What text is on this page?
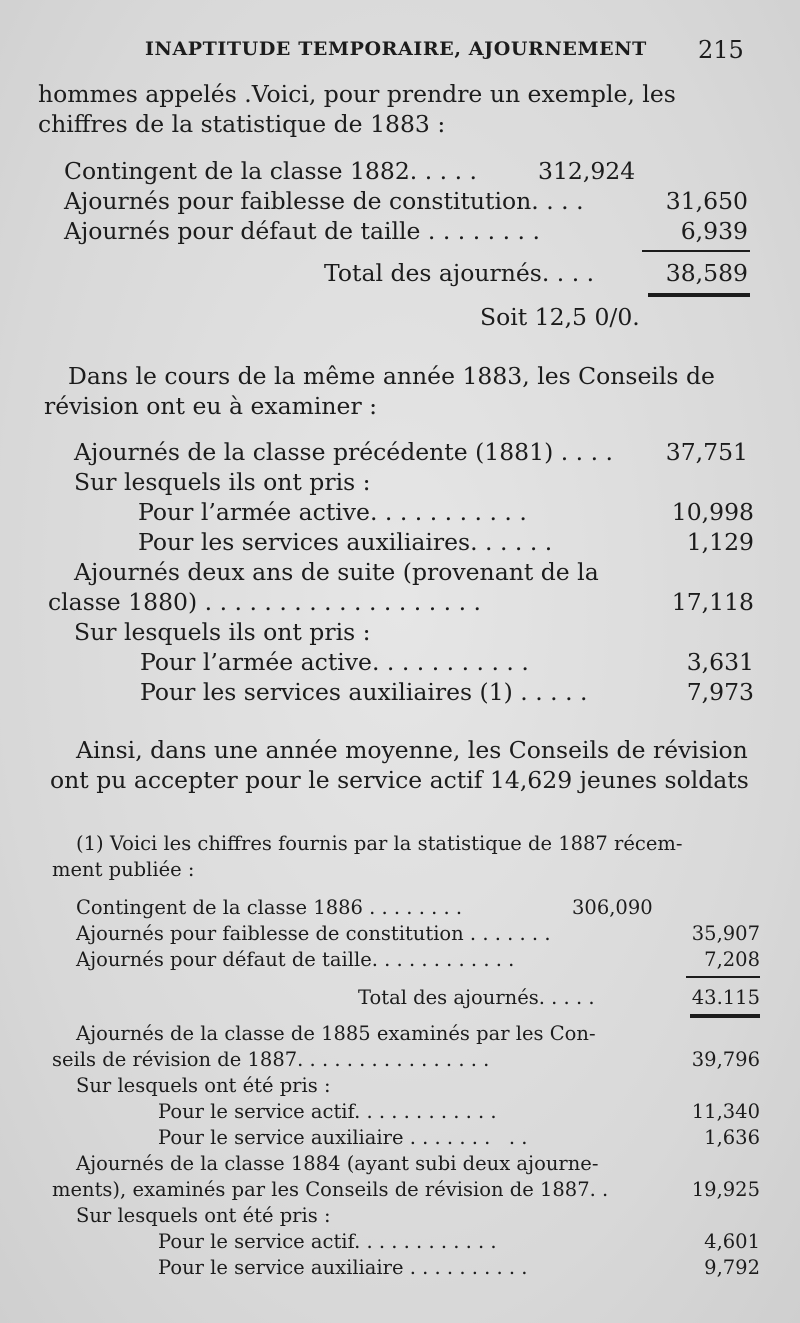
INAPTITUDE TEMPORAIRE, AJOURNEMENT 215
hommes appelés .Voici, pour prendre un exemple, les
chiffres de la statistique de 1883 :
Contingent de la classe 1882. . . . .	312,924
Ajournés pour faiblesse de constitution. . . .	31,650
Ajournés pour défaut de taille . . . . . . . .	6,939
Total des ajournés. . . .	38,589
Soit 12,5 0/0.
Dans le cours de la même année 1883, les Conseils de
révision ont eu à examiner :
Ajournés de la classe précédente (1881) . . . .	37,751
Sur lesquels ils ont pris :
Pour l’armée active. . . . . . . . . . .	10,998
Pour les services auxiliaires. . . . . .	1,129
Ajournés deux ans de suite (provenant de la
classe 1880) . . . . . . . . . . . . . . . . . . .	17,118
Sur lesquels ils ont pris :
Pour l’armée active. . . . . . . . . . .	3,631
Pour les services auxiliaires (1) . . . . .	7,973
Ainsi, dans une année moyenne, les Conseils de révision
ont pu accepter pour le service actif 14,629 jeunes soldats
(1) Voici les chiffres fournis par la statistique de 1887 récem-
ment publiée :
Contingent de la classe 1886 . . . . . . . .	306,090
Ajournés pour faiblesse de constitution . . . . . . .	35,907
Ajournés pour défaut de taille. . . . . . . . . . . .	7,208
Total des ajournés. . . . .	43.115
Ajournés de la classe de 1885 examinés par les Con-
seils de révision de 1887. . . . . . . . . . . . . . . .	39,796
Sur lesquels ont été pris :
Pour le service actif. . . . . . . . . . . .	11,340
Pour le service auxiliaire . . . . . . .   . .	1,636
Ajournés de la classe 1884 (ayant subi deux ajourne-
ments), examinés par les Conseils de révision de 1887. .	19,925
Sur lesquels ont été pris :
Pour le service actif. . . . . . . . . . . .	4,601
Pour le service auxiliaire . . . . . . . . . .	9,792
